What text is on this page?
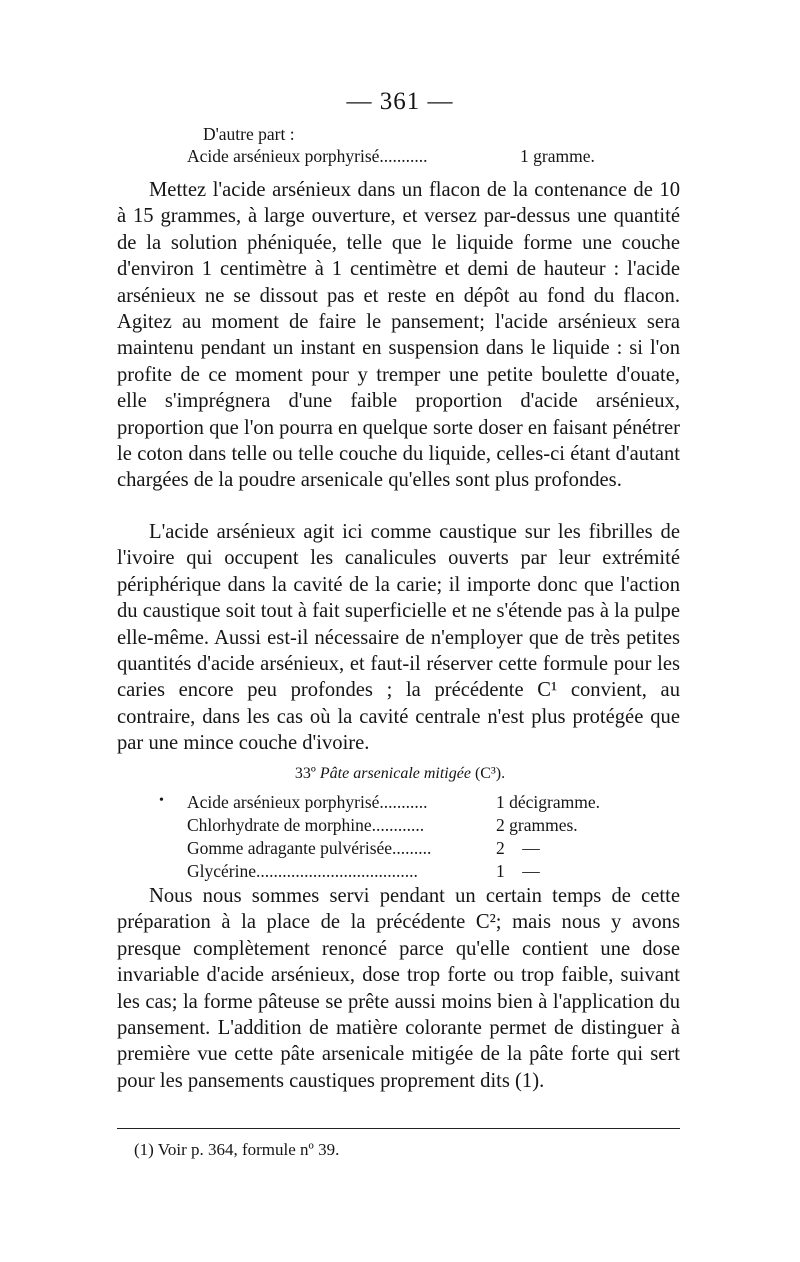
— 361 —
D'autre part :
Acide arsénieux porphyrisé...........	1 gramme.

Mettez l'acide arsénieux dans un flacon de la contenance de 10 à 15 grammes, à large ouverture, et versez par-dessus une quantité de la solution phéniquée, telle que le liquide forme une couche d'environ 1 centimètre à 1 centimètre et demi de hauteur : l'acide arsénieux ne se dissout pas et reste en dépôt au fond du flacon. Agitez au moment de faire le pansement; l'acide arsénieux sera maintenu pendant un instant en suspension dans le liquide : si l'on profite de ce moment pour y tremper une petite boulette d'ouate, elle s'imprégnera d'une faible proportion d'acide arsénieux, proportion que l'on pourra en quelque sorte doser en faisant pénétrer le coton dans telle ou telle couche du liquide, celles-ci étant d'autant chargées de la poudre arsenicale qu'elles sont plus profondes.

L'acide arsénieux agit ici comme caustique sur les fibrilles de l'ivoire qui occupent les canalicules ouverts par leur extrémité périphérique dans la cavité de la carie; il importe donc que l'action du caustique soit tout à fait superficielle et ne s'étende pas à la pulpe elle-même. Aussi est-il nécessaire de n'employer que de très petites quantités d'acide arsénieux, et faut-il réserver cette formule pour les caries encore peu profondes ; la précédente C¹ convient, au contraire, dans les cas où la cavité centrale n'est plus protégée que par une mince couche d'ivoire.

33º Pâte arsenicale mitigée (C³).
• Acide arsénieux porphyrisé...........	1 décigramme.
Chlorhydrate de morphine............	2 grammes.
Gomme adragante pulvérisée.........	2    —
Glycérine.....................................	1    —

Nous nous sommes servi pendant un certain temps de cette préparation à la place de la précédente C²; mais nous y avons presque complètement renoncé parce qu'elle contient une dose invariable d'acide arsénieux, dose trop forte ou trop faible, suivant les cas; la forme pâteuse se prête aussi moins bien à l'application du pansement. L'addition de matière colorante permet de distinguer à première vue cette pâte arsenicale mitigée de la pâte forte qui sert pour les pansements caustiques proprement dits (1).

(1) Voir p. 364, formule nº 39.
